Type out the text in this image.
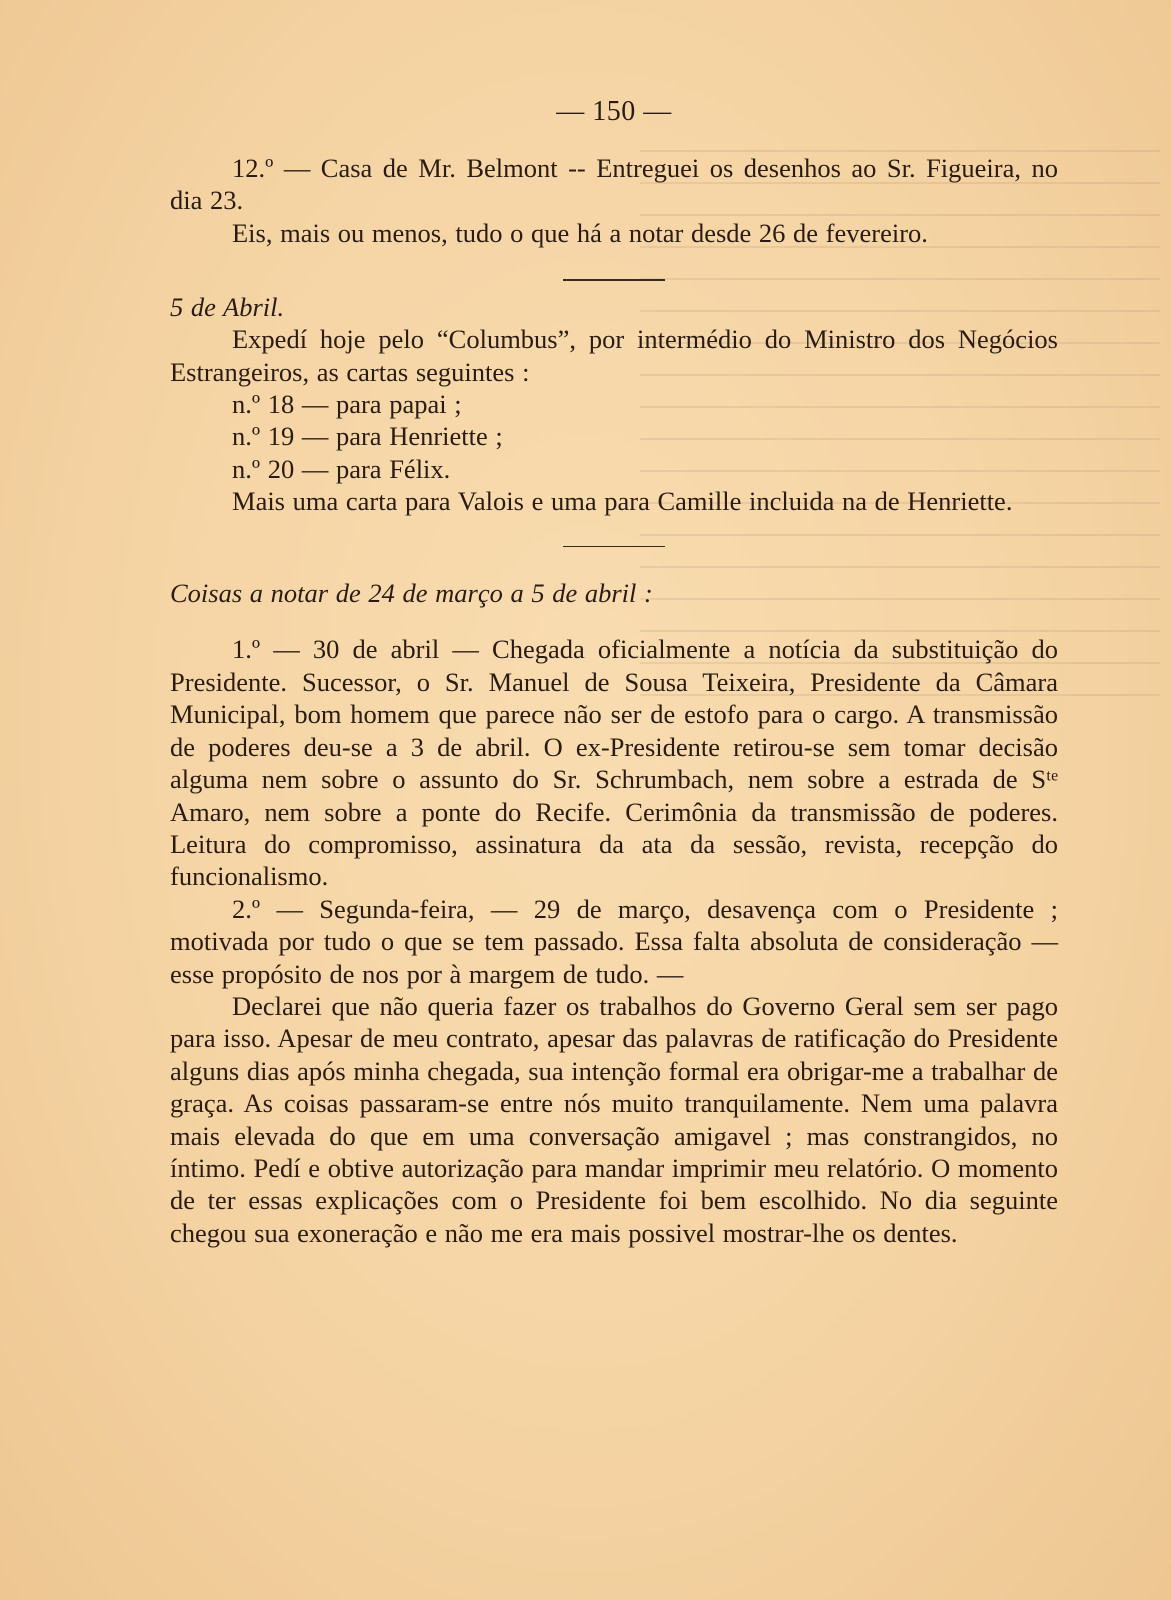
— 150 —

12.º — Casa de Mr. Belmont -- Entreguei os desenhos ao Sr. Figueira, no dia 23.

Eis, mais ou menos, tudo o que há a notar desde 26 de fevereiro.

5 de Abril.

Expedí hoje pelo “Columbus”, por intermédio do Ministro dos Negócios Estrangeiros, as cartas seguintes :

n.º 18 — para papai ;

n.º 19 — para Henriette ;

n.º 20 — para Félix.

Mais uma carta para Valois e uma para Camille incluida na de Henriette.

Coisas a notar de 24 de março a 5 de abril :

1.º — 30 de abril — Chegada oficialmente a notícia da substituição do Presidente. Sucessor, o Sr. Manuel de Sousa Teixeira, Presidente da Câmara Municipal, bom homem que parece não ser de estofo para o cargo. A transmissão de poderes deu-se a 3 de abril. O ex-Presidente retirou-se sem tomar decisão alguma nem sobre o assunto do Sr. Schrumbach, nem sobre a estrada de Sᵗᵉ Amaro, nem sobre a ponte do Recife. Cerimônia da transmissão de poderes. Leitura do compromisso, assinatura da ata da sessão, revista, recepção do funcionalismo.

2.º — Segunda-feira, — 29 de março, desavença com o Presidente ; motivada por tudo o que se tem passado. Essa falta absoluta de consideração — esse propósito de nos por à margem de tudo. —

Declarei que não queria fazer os trabalhos do Governo Geral sem ser pago para isso. Apesar de meu contrato, apesar das palavras de ratificação do Presidente alguns dias após minha chegada, sua intenção formal era obrigar-me a trabalhar de graça. As coisas passaram-se entre nós muito tranquilamente. Nem uma palavra mais elevada do que em uma conversação amigavel ; mas constrangidos, no íntimo. Pedí e obtive autorização para mandar imprimir meu relatório. O momento de ter essas explicações com o Presidente foi bem escolhido. No dia seguinte chegou sua exoneração e não me era mais possivel mostrar-lhe os dentes.
